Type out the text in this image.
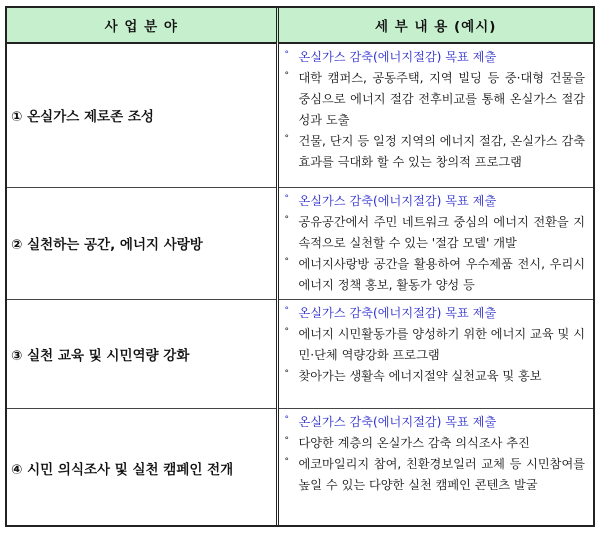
사 업 분 야	세 부 내 용 (예시)
① 온실가스 제로존 조성	° 온실가스 감축(에너지절감) 목표 제출
° 대학 캠퍼스, 공동주택, 지역 빌딩 등 중·대형 건물을 중심으로 에너지 절감 전후비교를 통해 온실가스 절감성과 도출
° 건물, 단지 등 일정 지역의 에너지 절감, 온실가스 감축효과를 극대화 할 수 있는 창의적 프로그램

② 실천하는 공간, 에너지 사랑방	° 온실가스 감축(에너지절감) 목표 제출
° 공유공간에서 주민 네트워크 중심의 에너지 전환을 지속적으로 실천할 수 있는 '절감 모델' 개발
° 에너지사랑방 공간을 활용하여 우수제품 전시, 우리시 에너지 정책 홍보, 활동가 양성 등

③ 실천 교육 및 시민역량 강화	° 온실가스 감축(에너지절감) 목표 제출
° 에너지 시민활동가를 양성하기 위한 에너지 교육 및 시민·단체 역량강화 프로그램
° 찾아가는 생활속 에너지절약 실천교육 및 홍보

④ 시민 의식조사 및 실천 캠페인 전개	° 온실가스 감축(에너지절감) 목표 제출
° 다양한 계층의 온실가스 감축 의식조사 추진
° 에코마일리지 참여, 친환경보일러 교체 등 시민참여를 높일 수 있는 다양한 실천 캠페인 콘텐츠 발굴
